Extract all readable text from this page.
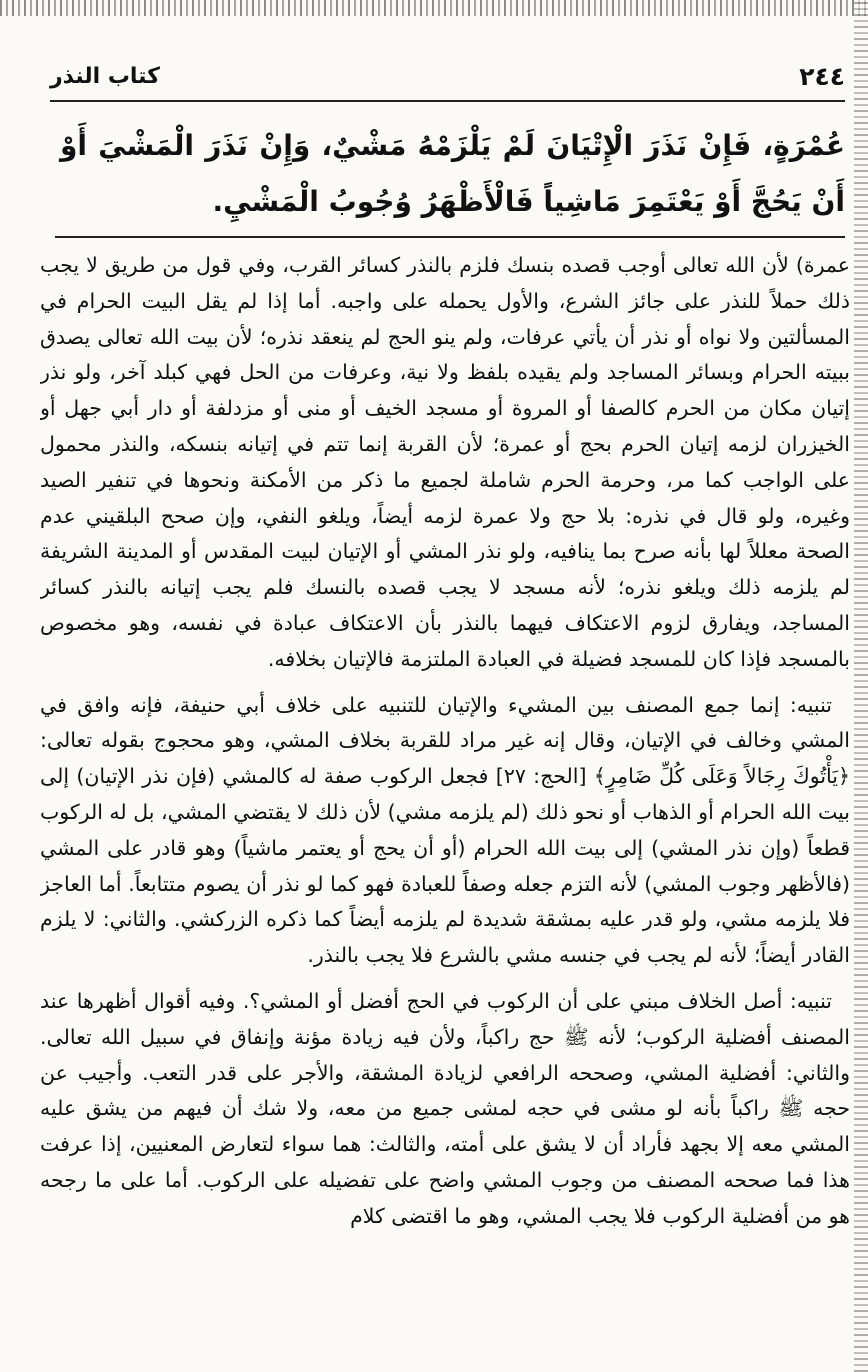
٢٤٤
كتاب النذر
عُمْرَةٍ، فَإِنْ نَذَرَ الْإِتْيَانَ لَمْ يَلْزَمْهُ مَشْيٌ، وَإِنْ نَذَرَ الْمَشْيَ أَوْ أَنْ يَحُجَّ أَوْ يَعْتَمِرَ مَاشِياً فَالْأَظْهَرُ وُجُوبُ الْمَشْيِ.

عمرة) لأن الله تعالى أوجب قصده بنسك فلزم بالنذر كسائر القرب، وفي قول من طريق لا يجب ذلك حملاً للنذر على جائز الشرع، والأول يحمله على واجبه. أما إذا لم يقل البيت الحرام في المسألتين ولا نواه أو نذر أن يأتي عرفات، ولم ينو الحج لم ينعقد نذره؛ لأن بيت الله تعالى يصدق ببيته الحرام وبسائر المساجد ولم يقيده بلفظ ولا نية، وعرفات من الحل فهي كبلد آخر، ولو نذر إتيان مكان من الحرم كالصفا أو المروة أو مسجد الخيف أو منى أو مزدلفة أو دار أبي جهل أو الخيزران لزمه إتيان الحرم بحج أو عمرة؛ لأن القربة إنما تتم في إتيانه بنسكه، والنذر محمول على الواجب كما مر، وحرمة الحرم شاملة لجميع ما ذكر من الأمكنة ونحوها في تنفير الصيد وغيره، ولو قال في نذره: بلا حج ولا عمرة لزمه أيضاً، ويلغو النفي، وإن صحح البلقيني عدم الصحة معللاً لها بأنه صرح بما ينافيه، ولو نذر المشي أو الإتيان لبيت المقدس أو المدينة الشريفة لم يلزمه ذلك ويلغو نذره؛ لأنه مسجد لا يجب قصده بالنسك فلم يجب إتيانه بالنذر كسائر المساجد، ويفارق لزوم الاعتكاف فيهما بالنذر بأن الاعتكاف عبادة في نفسه، وهو مخصوص بالمسجد فإذا كان للمسجد فضيلة في العبادة الملتزمة فالإتيان بخلافه.

تنبيه: إنما جمع المصنف بين المشيء والإتيان للتنبيه على خلاف أبي حنيفة، فإنه وافق في المشي وخالف في الإتيان، وقال إنه غير مراد للقربة بخلاف المشي، وهو محجوج بقوله تعالى: ﴿يَأْتُوكَ رِجَالاً وَعَلَى كُلِّ ضَامِرٍ﴾ [الحج: ٢٧] فجعل الركوب صفة له كالمشي (فإن نذر الإتيان) إلى بيت الله الحرام أو الذهاب أو نحو ذلك (لم يلزمه مشي) لأن ذلك لا يقتضي المشي، بل له الركوب قطعاً (وإن نذر المشي) إلى بيت الله الحرام (أو أن يحج أو يعتمر ماشياً) وهو قادر على المشي (فالأظهر وجوب المشي) لأنه التزم جعله وصفاً للعبادة فهو كما لو نذر أن يصوم متتابعاً. أما العاجز فلا يلزمه مشي، ولو قدر عليه بمشقة شديدة لم يلزمه أيضاً كما ذكره الزركشي. والثاني: لا يلزم القادر أيضاً؛ لأنه لم يجب في جنسه مشي بالشرع فلا يجب بالنذر.

تنبيه: أصل الخلاف مبني على أن الركوب في الحج أفضل أو المشي؟. وفيه أقوال أظهرها عند المصنف أفضلية الركوب؛ لأنه ﷺ حج راكباً، ولأن فيه زيادة مؤنة وإنفاق في سبيل الله تعالى. والثاني: أفضلية المشي، وصححه الرافعي لزيادة المشقة، والأجر على قدر التعب. وأجيب عن حجه ﷺ راكباً بأنه لو مشى في حجه لمشى جميع من معه، ولا شك أن فيهم من يشق عليه المشي معه إلا بجهد فأراد أن لا يشق على أمته، والثالث: هما سواء لتعارض المعنيين، إذا عرفت هذا فما صححه المصنف من وجوب المشي واضح على تفضيله على الركوب. أما على ما رجحه هو من أفضلية الركوب فلا يجب المشي، وهو ما اقتضى كلام
